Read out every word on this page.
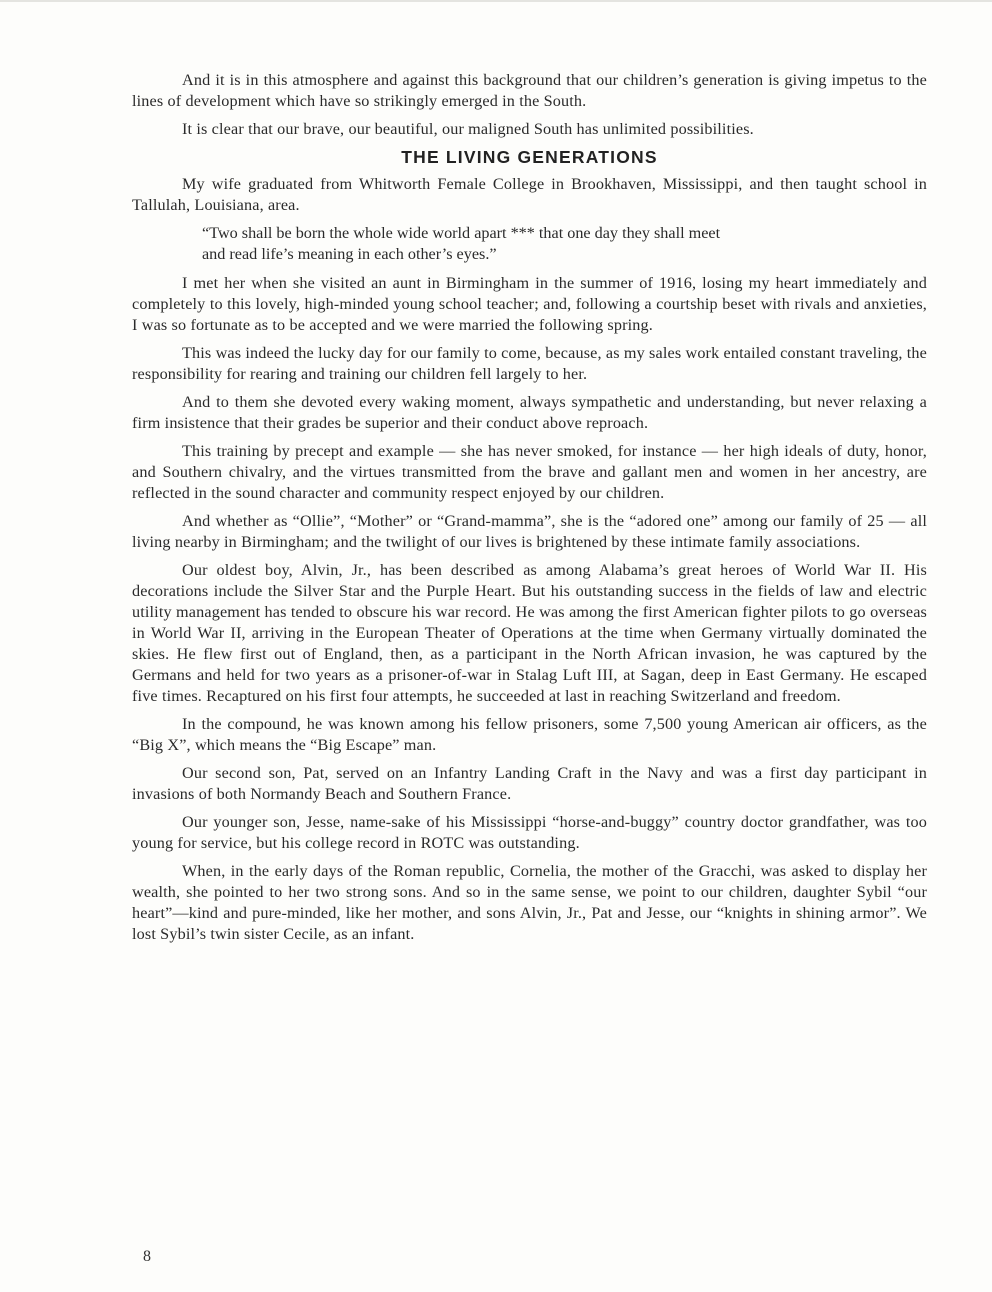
And it is in this atmosphere and against this background that our children’s generation is giving impetus to the lines of development which have so strikingly emerged in the South.

It is clear that our brave, our beautiful, our maligned South has unlimited possibilities.

THE LIVING GENERATIONS

My wife graduated from Whitworth Female College in Brookhaven, Mississippi, and then taught school in Tallulah, Louisiana, area.

“Two shall be born the whole wide world apart *** that one day they shall meet
and read life’s meaning in each other’s eyes.”

I met her when she visited an aunt in Birmingham in the summer of 1916, losing my heart immediately and completely to this lovely, high-minded young school teacher; and, following a courtship beset with rivals and anxieties, I was so fortunate as to be accepted and we were married the following spring.

This was indeed the lucky day for our family to come, because, as my sales work entailed constant traveling, the responsibility for rearing and training our children fell largely to her.

And to them she devoted every waking moment, always sympathetic and understanding, but never relaxing a firm insistence that their grades be superior and their conduct above reproach.

This training by precept and example — she has never smoked, for instance — her high ideals of duty, honor, and Southern chivalry, and the virtues transmitted from the brave and gallant men and women in her ancestry, are reflected in the sound character and community respect enjoyed by our children.

And whether as “Ollie”, “Mother” or “Grand-mamma”, she is the “adored one” among our family of 25 — all living nearby in Birmingham; and the twilight of our lives is brightened by these intimate family associations.

Our oldest boy, Alvin, Jr., has been described as among Alabama’s great heroes of World War II. His decorations include the Silver Star and the Purple Heart. But his outstanding success in the fields of law and electric utility management has tended to obscure his war record. He was among the first American fighter pilots to go overseas in World War II, arriving in the European Theater of Operations at the time when Germany virtually dominated the skies. He flew first out of England, then, as a participant in the North African invasion, he was captured by the Germans and held for two years as a prisoner-of-war in Stalag Luft III, at Sagan, deep in East Germany. He escaped five times. Recaptured on his first four attempts, he succeeded at last in reaching Switzerland and freedom.

In the compound, he was known among his fellow prisoners, some 7,500 young American air officers, as the “Big X”, which means the “Big Escape” man.

Our second son, Pat, served on an Infantry Landing Craft in the Navy and was a first day participant in invasions of both Normandy Beach and Southern France.

Our younger son, Jesse, name-sake of his Mississippi “horse-and-buggy” country doctor grandfather, was too young for service, but his college record in ROTC was outstanding.

When, in the early days of the Roman republic, Cornelia, the mother of the Gracchi, was asked to display her wealth, she pointed to her two strong sons. And so in the same sense, we point to our children, daughter Sybil “our heart”—kind and pure-minded, like her mother, and sons Alvin, Jr., Pat and Jesse, our “knights in shining armor”. We lost Sybil’s twin sister Cecile, as an infant.

8
